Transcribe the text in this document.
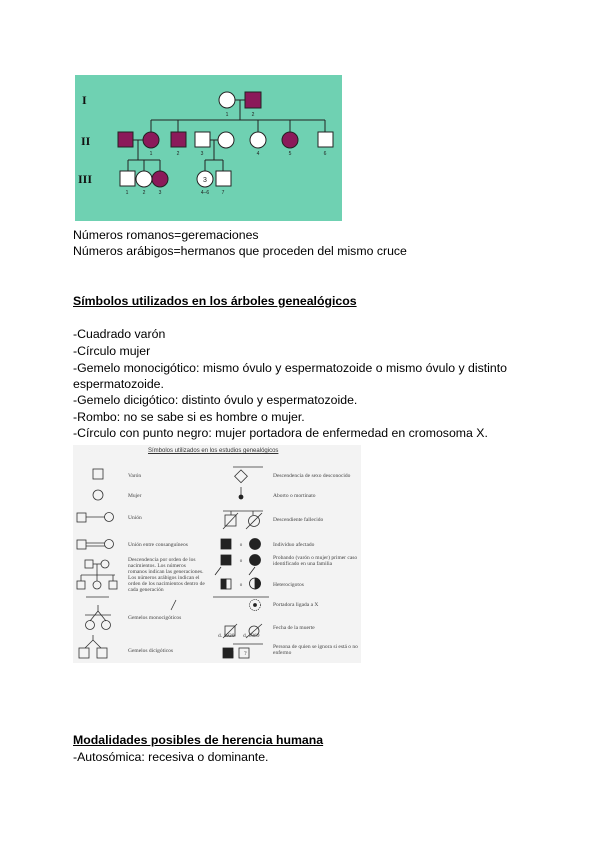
I
II
III
1	2
1	2	3	4	5	6
1	2	3	4–6 7
3
Números romanos=geremaciones
Números arábigos=hermanos que proceden del mismo cruce
Símbolos utilizados en los árboles genealógicos
-Cuadrado varón
-Círculo mujer
-Gemelo monocigótico: mismo óvulo y espermatozoide o mismo óvulo y distinto
espermatozoide.
-Gemelo dicigótico: distinto óvulo y espermatozoide.
-Rombo: no se sabe si es hombre o mujer.
-Círculo con punto negro: mujer portadora de enfermedad en cromosoma X.
Símbolos utilizados en los estudios genealógicos
Varón
Mujer
Unión
Unión entre consanguíneos
Descendencia por orden de los nacimientos. Los números romanos indican las generaciones. Los números arábigos indican el orden de los nacimientos dentro de cada generación
Gemelos monocigóticos
Gemelos dicigóticos
Descendencia de sexo desconocido
Aborto o mortinato
Descendiente fallecido
Individuo afectado
Probando (varón o mujer) primer caso identificado en una familia
Heterocigotos
Portadora ligada a X
Fecha de la muerte
Persona de quien se ignora si está o no enfermo
d. 1920 d. 1969
?
o
o
o
Modalidades posibles de herencia humana
-Autosómica: recesiva o dominante.
